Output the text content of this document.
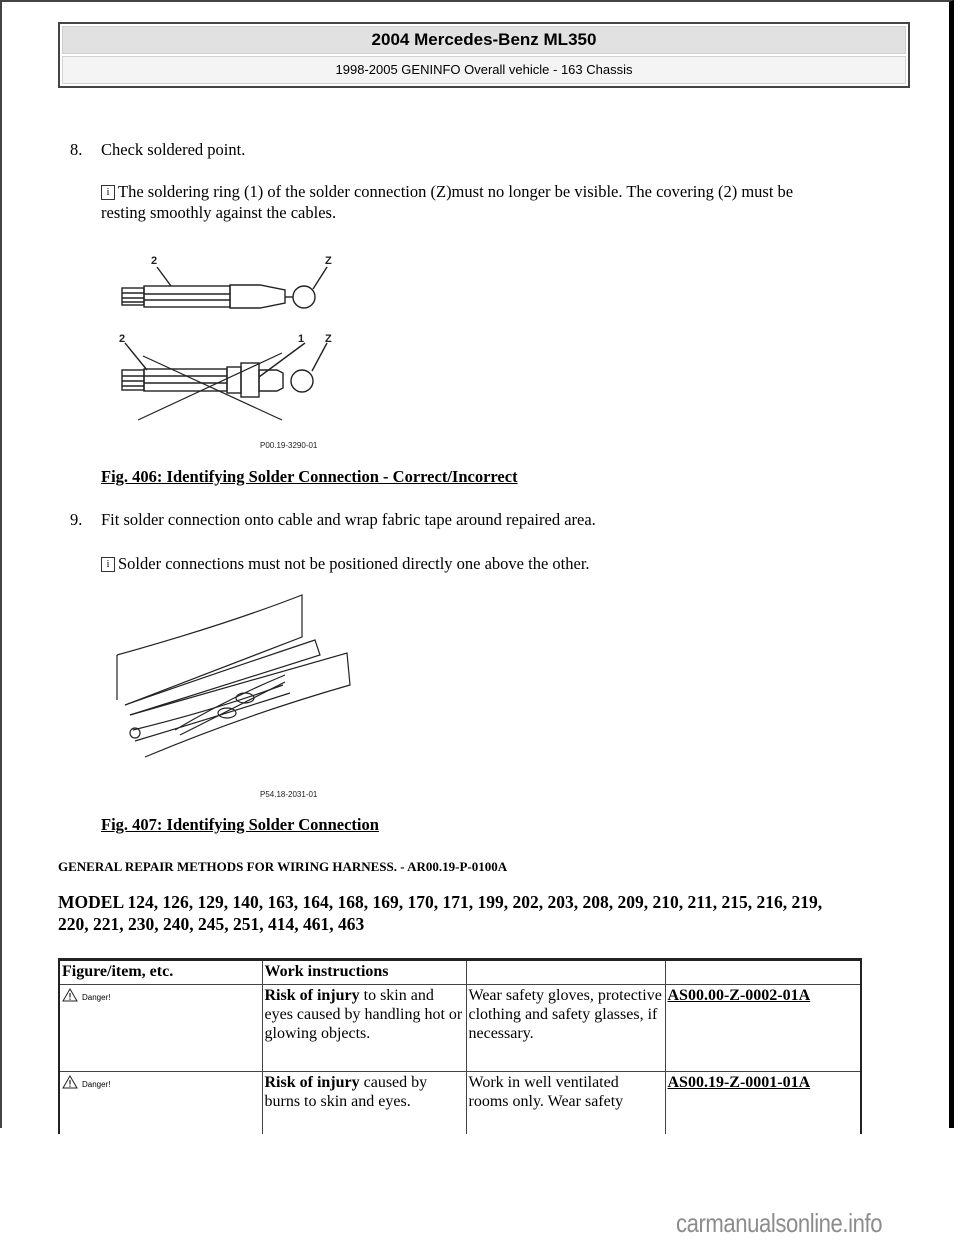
2004 Mercedes-Benz ML350
1998-2005 GENINFO Overall vehicle - 163 Chassis
8. Check soldered point.
i The soldering ring (1) of the solder connection (Z)must no longer be visible. The covering (2) must be
resting smoothly against the cables.
2	Z
2	1 Z
P00.19-3290-01
Fig. 406: Identifying Solder Connection - Correct/Incorrect
9. Fit solder connection onto cable and wrap fabric tape around repaired area.
i Solder connections must not be positioned directly one above the other.
P54.18-2031-01
Fig. 407: Identifying Solder Connection
GENERAL REPAIR METHODS FOR WIRING HARNESS. - AR00.19-P-0100A
MODEL 124, 126, 129, 140, 163, 164, 168, 169, 170, 171, 199, 202, 203, 208, 209, 210, 211, 215, 216, 219,
220, 221, 230, 240, 245, 251, 414, 461, 463
Figure/item, etc.	Work instructions		
Danger!	Risk of injury to skin and eyes caused by handling hot or glowing objects.	Wear safety gloves, protective clothing and safety glasses, if necessary.	AS00.00-Z-0002-01A
Danger!	Risk of injury caused by burns to skin and eyes.	Work in well ventilated rooms only. Wear safety	AS00.19-Z-0001-01A
carmanualsonline.info
